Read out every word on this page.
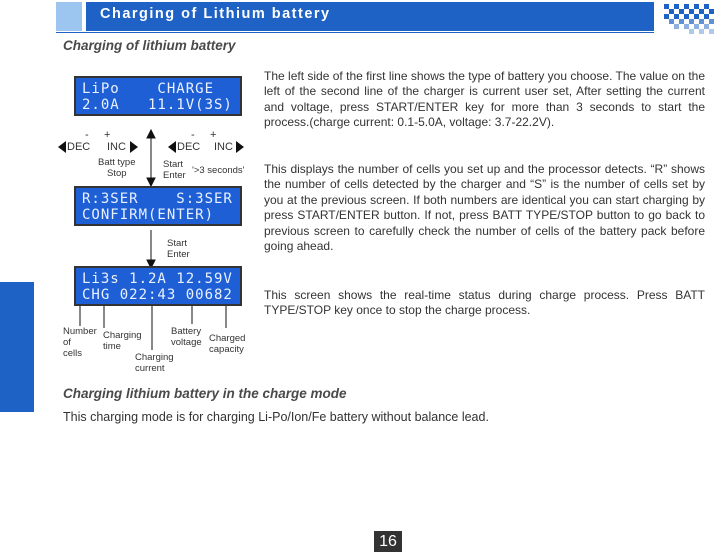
Charging of Lithium battery
Charging of lithium battery
LiPo    CHARGE
2.0A   11.1V(3S)
DEC
- +
INC	DEC
- +
INC
Batt type
Stop
Start
Enter '>3 seconds'
R:3SER    S:3SER
CONFIRM(ENTER)
Start
Enter
Li3s 1.2A 12.59V
CHG 022:43 00682
Number
of
cells
Charging
time
Charging
current
Battery
voltage Charged
capacity
The left side of the first line shows the type of battery you choose. The value on the left of the second line of the charger is current user set, After setting the current and voltage, press START/ENTER key for more than 3 seconds to start the process.(charge current: 0.1-5.0A, voltage: 3.7-22.2V).
This displays the number of cells you set up and the processor detects. “R” shows the number of cells detected by the charger and “S” is the number of cells set by you at the previous screen. If both numbers are identical you can start charging by press START/ENTER button. If not, press BATT TYPE/STOP button to go back to previous screen to carefully check the number of cells of the battery pack before going ahead.
This screen shows the real-time status during charge process. Press BATT TYPE/STOP key once to stop the charge process.
Charging lithium battery in the charge mode
This charging mode is for charging Li-Po/Ion/Fe battery without balance lead.
16
